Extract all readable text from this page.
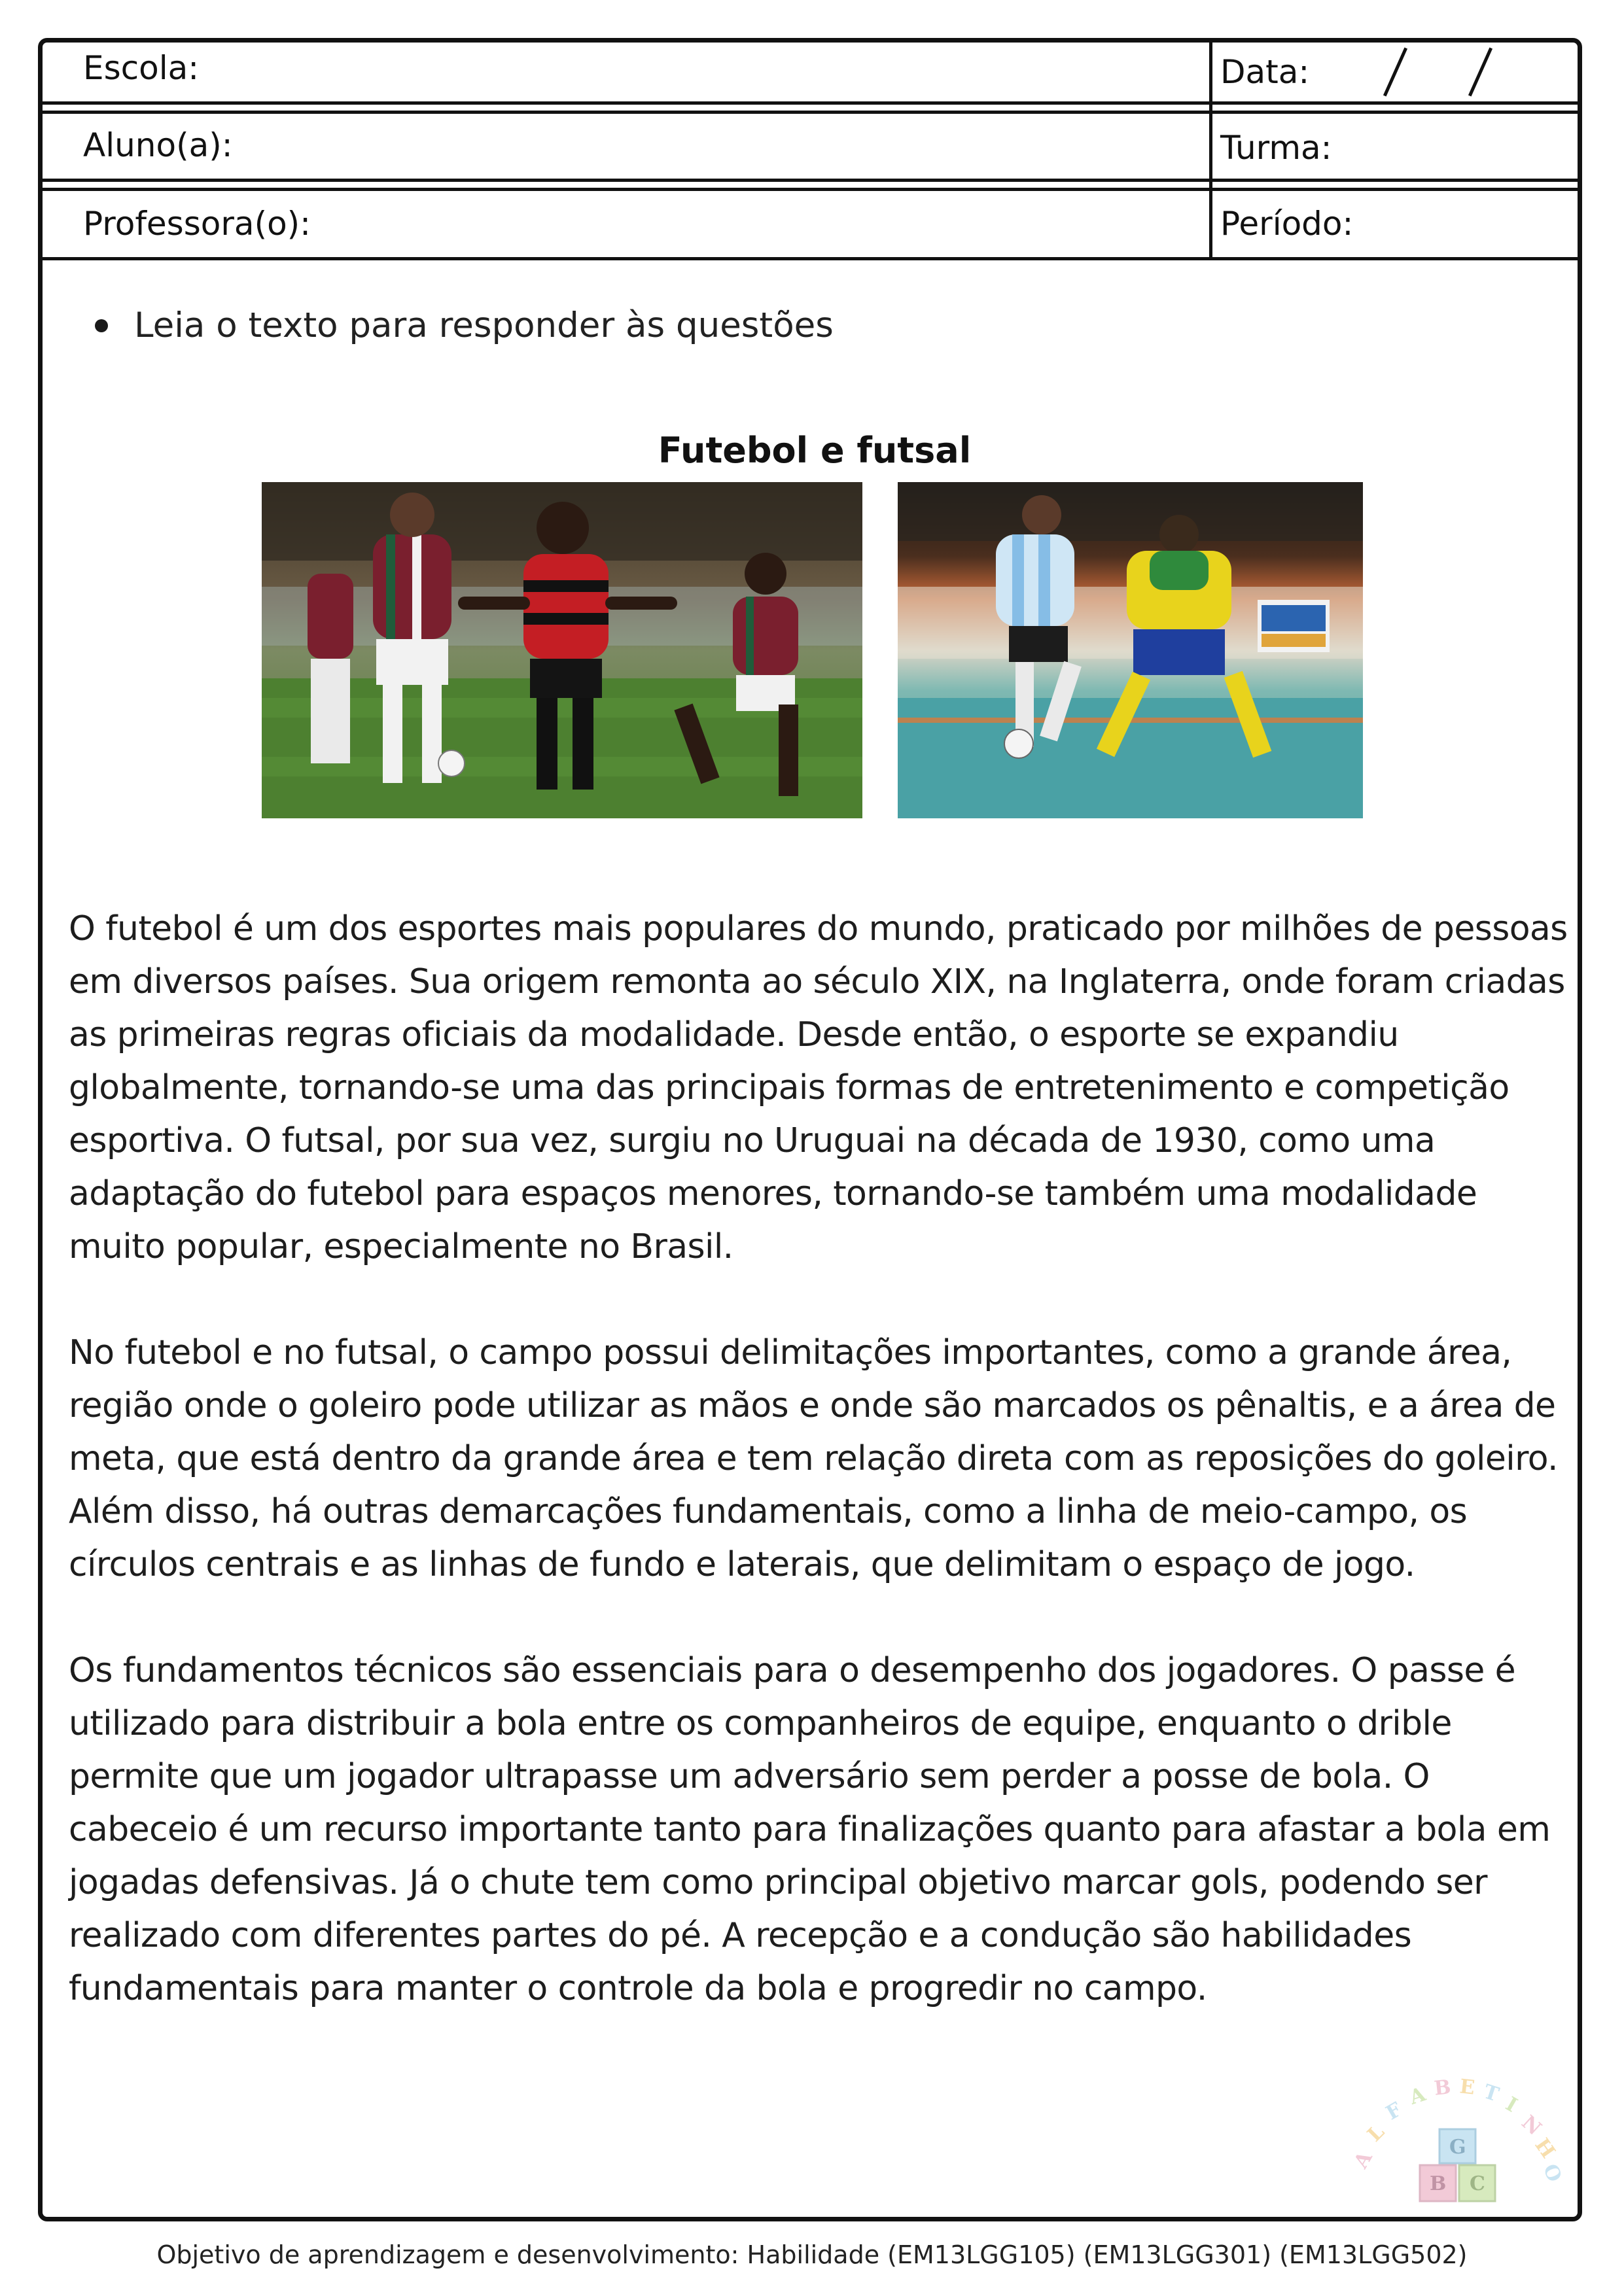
Escola:	Data:
Aluno(a):	Turma:
Professora(o):	Período:
Leia o texto para responder às questões
Futebol e futsal

O futebol é um dos esportes mais populares do mundo, praticado por milhões de pessoas em diversos países. Sua origem remonta ao século XIX, na Inglaterra, onde foram criadas as primeiras regras oficiais da modalidade. Desde então, o esporte se expandiu globalmente, tornando-se uma das principais formas de entretenimento e competição esportiva. O futsal, por sua vez, surgiu no Uruguai na década de 1930, como uma adaptação do futebol para espaços menores, tornando-se também uma modalidade muito popular, especialmente no Brasil.

No futebol e no futsal, o campo possui delimitações importantes, como a grande área, região onde o goleiro pode utilizar as mãos e onde são marcados os pênaltis, e a área de meta, que está dentro da grande área e tem relação direta com as reposições do goleiro. Além disso, há outras demarcações fundamentais, como a linha de meio-campo, os círculos centrais e as linhas de fundo e laterais, que delimitam o espaço de jogo.

Os fundamentos técnicos são essenciais para o desempenho dos jogadores. O passe é utilizado para distribuir a bola entre os companheiros de equipe, enquanto o drible permite que um jogador ultrapasse um adversário sem perder a posse de bola. O cabeceio é um recurso importante tanto para finalizações quanto para afastar a bola em jogadas defensivas. Já o chute tem como principal objetivo marcar gols, podendo ser realizado com diferentes partes do pé. A recepção e a condução são habilidades fundamentais para manter o controle da bola e progredir no campo.

A
L
F
A B E T I
N
H
O
G
B C
Objetivo de aprendizagem e desenvolvimento: Habilidade (EM13LGG105) (EM13LGG301) (EM13LGG502)
